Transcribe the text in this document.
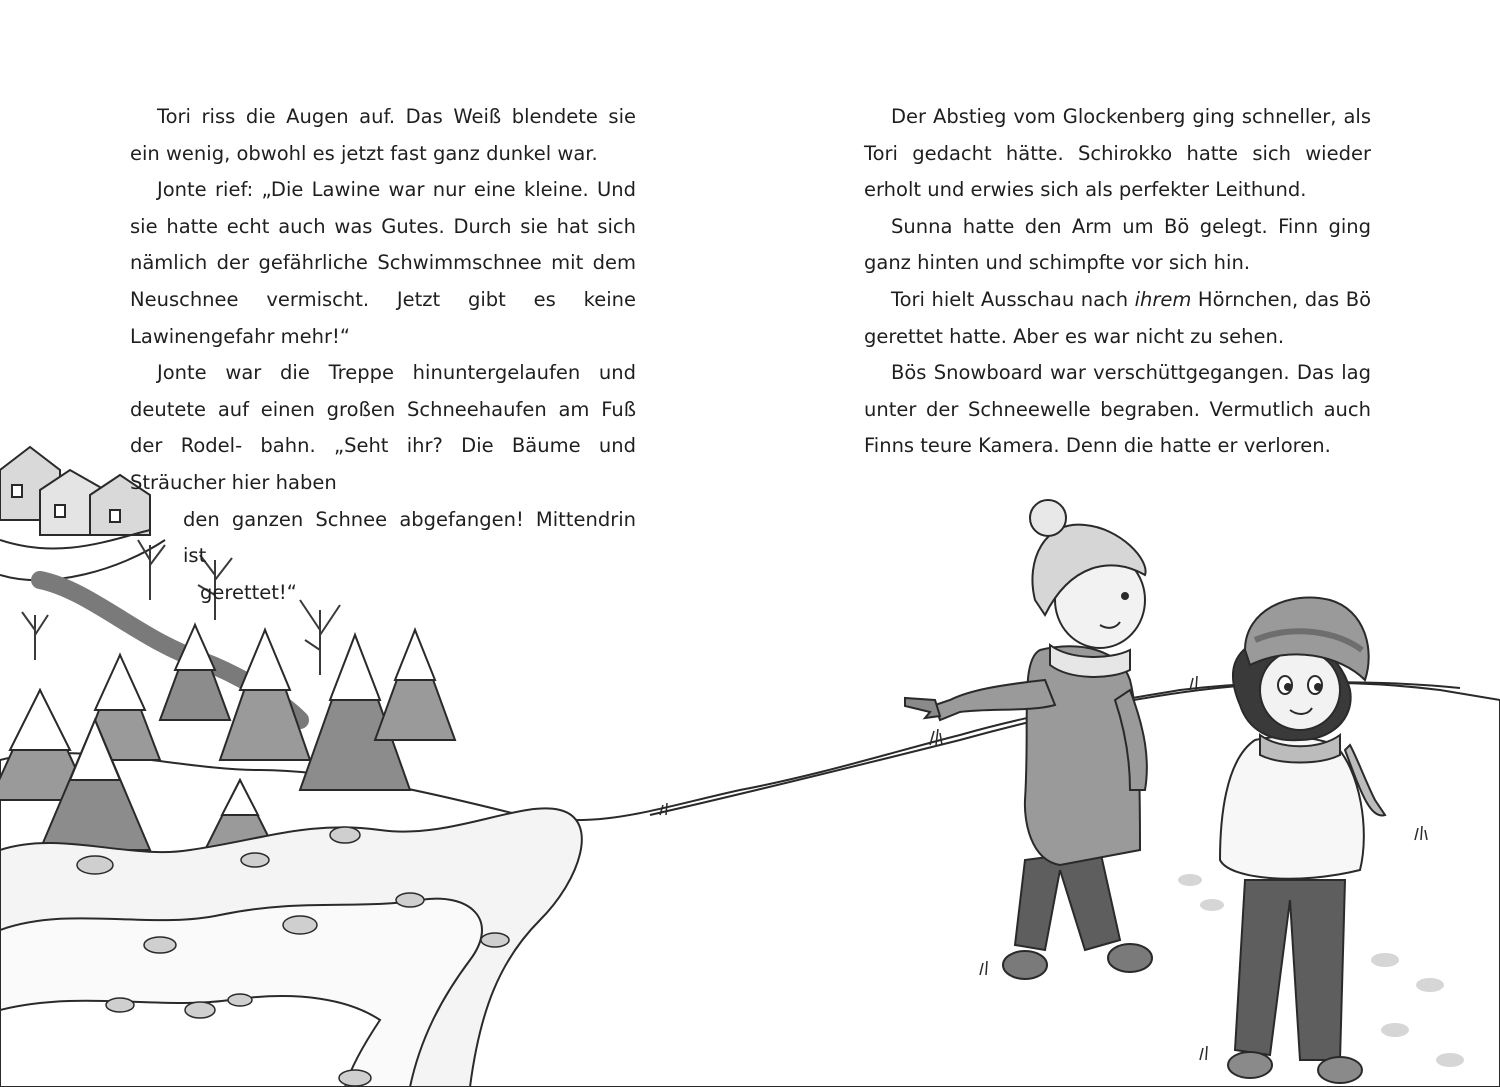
Tori riss die Augen auf. Das Weiß blendete sie ein wenig, obwohl es jetzt fast ganz dunkel war.

Jonte rief: „Die Lawine war nur eine kleine. Und sie hatte echt auch was Gutes. Durch sie hat sich nämlich der gefährliche Schwimmschnee mit dem Neuschnee vermischt. Jetzt gibt es keine Lawinengefahr mehr!“

Jonte war die Treppe hinuntergelaufen und deutete auf einen großen Schneehaufen am Fuß der Rodel- bahn. „Seht ihr? Die Bäume und Sträucher hier haben
den ganzen Schnee abgefangen! Mittendrin ist
gerettet!“

Der Abstieg vom Glockenberg ging schneller, als Tori gedacht hätte. Schirokko hatte sich wieder erholt und erwies sich als perfekter Leithund.

Sunna hatte den Arm um Bö gelegt. Finn ging ganz hinten und schimpfte vor sich hin.

Tori hielt Ausschau nach ihrem Hörnchen, das Bö gerettet hatte. Aber es war nicht zu sehen.

Bös Snowboard war verschüttgegangen. Das lag unter der Schneewelle begraben. Vermutlich auch Finns teure Kamera. Denn die hatte er verloren.
